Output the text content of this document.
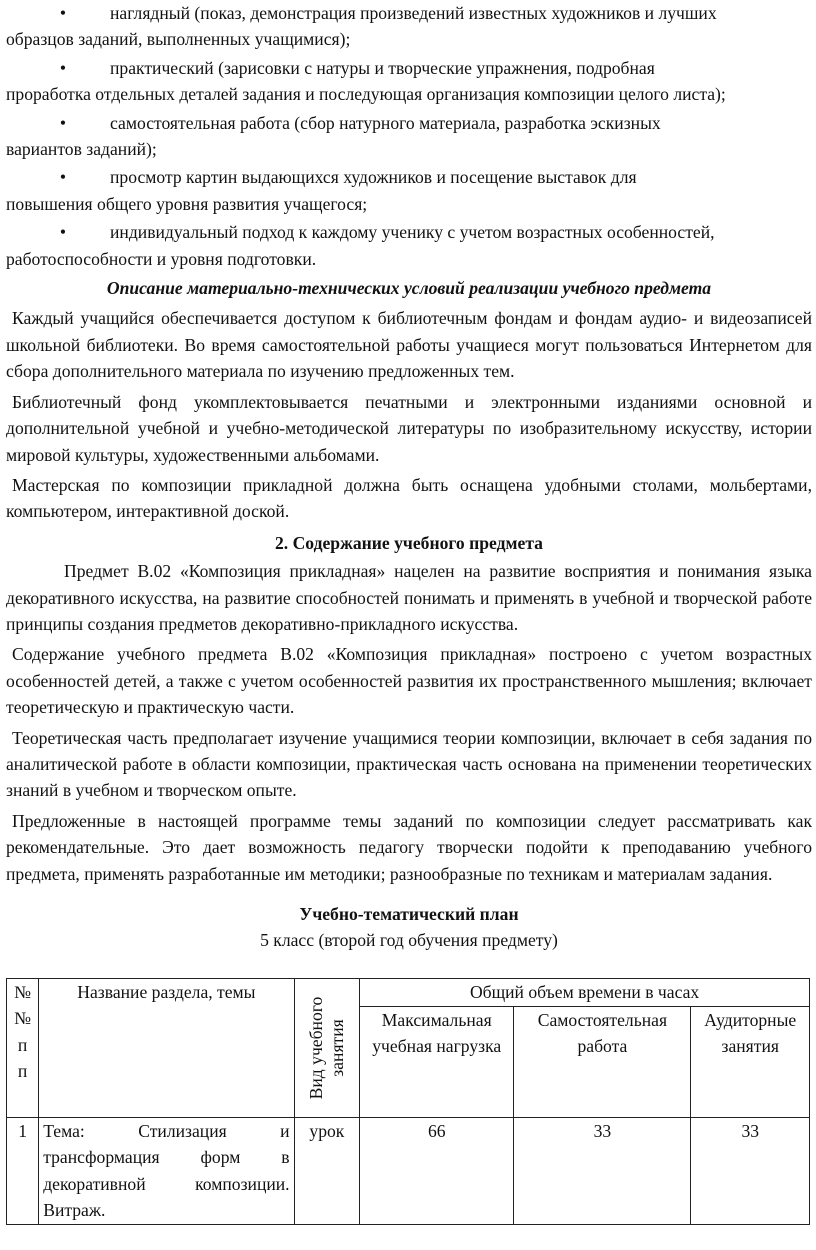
• наглядный (показ, демонстрация произведений известных художников и лучших
образцов заданий, выполненных учащимися);

• практический (зарисовки с натуры и творческие упражнения, подробная
проработка отдельных деталей задания и последующая организация композиции целого листа);

• самостоятельная работа (сбор натурного материала, разработка эскизных
вариантов заданий);

• просмотр картин выдающихся художников и посещение выставок для
повышения общего уровня развития учащегося;

• индивидуальный подход к каждому ученику с учетом возрастных особенностей,
работоспособности и уровня подготовки.

Описание материально-технических условий реализации учебного предмета

Каждый учащийся обеспечивается доступом к библиотечным фондам и фондам аудио- и видеозаписей школьной библиотеки. Во время самостоятельной работы учащиеся могут пользоваться Интернетом для сбора дополнительного материала по изучению предложенных тем.

Библиотечный фонд укомплектовывается печатными и электронными изданиями основной и дополнительной учебной и учебно-методической литературы по изобразительному искусству, истории мировой культуры, художественными альбомами.

Мастерская по композиции прикладной должна быть оснащена удобными столами, мольбертами, компьютером, интерактивной доской.

2. Содержание учебного предмета

Предмет В.02 «Композиция прикладная» нацелен на развитие восприятия и понимания языка декоративного искусства, на развитие способностей понимать и применять в учебной и творческой работе принципы создания предметов декоративно-прикладного искусства.

Содержание учебного предмета В.02 «Композиция прикладная» построено с учетом возрастных особенностей детей, а также с учетом особенностей развития их пространственного мышления; включает теоретическую и практическую части.

Теоретическая часть предполагает изучение учащимися теории композиции, включает в себя задания по аналитической работе в области композиции, практическая часть основана на применении теоретических знаний в учебном и творческом опыте.

Предложенные в настоящей программе темы заданий по композиции следует рассматривать как рекомендательные. Это дает возможность педагогу творчески подойти к преподаванию учебного предмета, применять разработанные им методики; разнообразные по техникам и материалам задания.

Учебно-тематический план

5 класс (второй год обучения предмету)

№
№
п
п	Название раздела, темы	Вид учебного занятия	Общий объем времени в часах		
			Максимальная учебная нагрузка	Самостоятельная работа	Аудиторные занятия
1	Тема: Стилизация и трансформация форм в декоративной композиции. Витраж.	урок	66	33	33
